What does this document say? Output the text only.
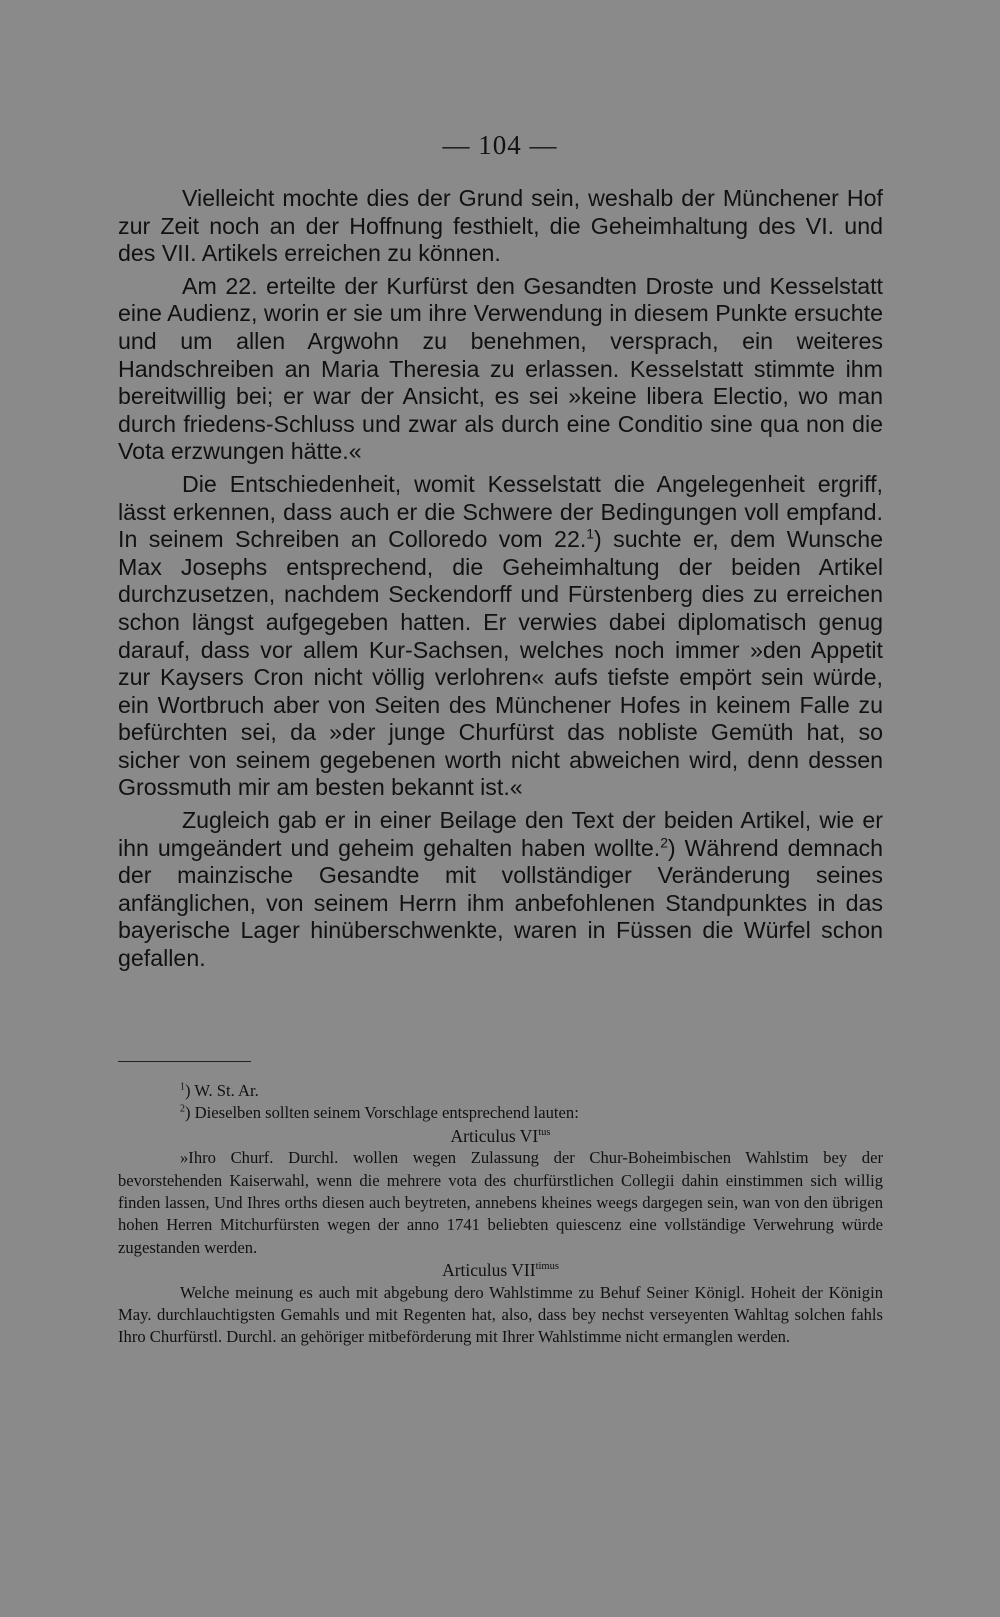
— 104 —

Vielleicht mochte dies der Grund sein, weshalb der Münchener Hof zur Zeit noch an der Hoffnung festhielt, die Geheimhaltung des VI. und des VII. Artikels erreichen zu können.

Am 22. erteilte der Kurfürst den Gesandten Droste und Kesselstatt eine Audienz, worin er sie um ihre Verwendung in diesem Punkte ersuchte und um allen Argwohn zu benehmen, versprach, ein weiteres Handschreiben an Maria Theresia zu erlassen. Kesselstatt stimmte ihm bereitwillig bei; er war der Ansicht, es sei »keine libera Electio, wo man durch friedens-Schluss und zwar als durch eine Conditio sine qua non die Vota erzwungen hätte.«

Die Entschiedenheit, womit Kesselstatt die Angelegenheit ergriff, lässt erkennen, dass auch er die Schwere der Bedingungen voll empfand. In seinem Schreiben an Colloredo vom 22.$^1$) suchte er, dem Wunsche Max Josephs entsprechend, die Geheimhaltung der beiden Artikel durchzusetzen, nachdem Seckendorff und Fürstenberg dies zu erreichen schon längst aufgegeben hatten. Er verwies dabei diplomatisch genug darauf, dass vor allem Kur-Sachsen, welches noch immer »den Appetit zur Kaysers Cron nicht völlig verlohren« aufs tiefste empört sein würde, ein Wortbruch aber von Seiten des Münchener Hofes in keinem Falle zu befürchten sei, da »der junge Churfürst das nobliste Gemüth hat, so sicher von seinem gegebenen worth nicht abweichen wird, denn dessen Grossmuth mir am besten bekannt ist.«

Zugleich gab er in einer Beilage den Text der beiden Artikel, wie er ihn umgeändert und geheim gehalten haben wollte.$^2$) Während demnach der mainzische Gesandte mit vollständiger Veränderung seines anfänglichen, von seinem Herrn ihm anbefohlenen Standpunktes in das bayerische Lager hinüberschwenkte, waren in Füssen die Würfel schon gefallen.

$^1$) W. St. Ar.

$^2$) Dieselben sollten seinem Vorschlage entsprechend lauten:

Articulus $VI^{tus}$

»Ihro Churf. Durchl. wollen wegen Zulassung der Chur-Boheimbischen Wahlstim bey der bevorstehenden Kaiserwahl, wenn die mehrere vota des churfürstlichen Collegii dahin einstimmen sich willig finden lassen, Und Ihres orths diesen auch beytreten, annebens kheines weegs dargegen sein, wan von den übrigen hohen Herren Mitchurfürsten wegen der anno 1741 beliebten quiescenz eine vollständige Verwehrung würde zugestanden werden.

Articulus $VII^{timus}$

Welche meinung es auch mit abgebung dero Wahlstimme zu Behuf Seiner Königl. Hoheit der Königin May. durchlauchtigsten Gemahls und mit Regenten hat, also, dass bey nechst verseyenten Wahltag solchen fahls Ihro Churfürstl. Durchl. an gehöriger mitbeförderung mit Ihrer Wahlstimme nicht ermanglen werden.
